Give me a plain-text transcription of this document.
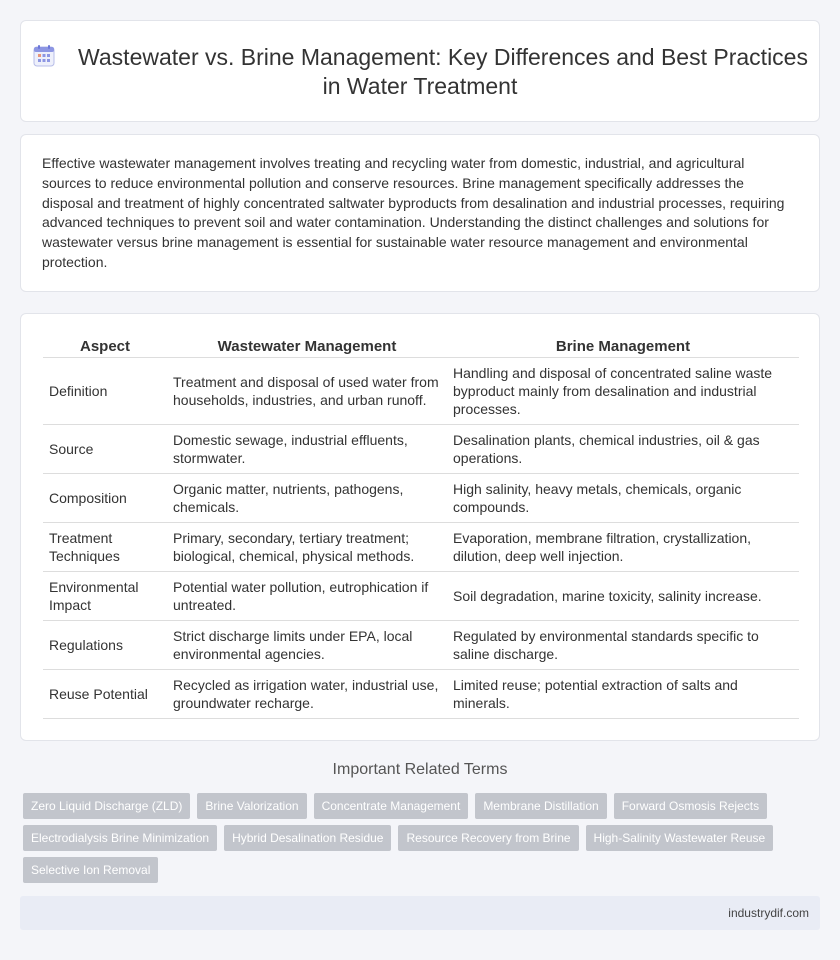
Wastewater vs. Brine Management: Key Differences and Best Practices in Water Treatment

Effective wastewater management involves treating and recycling water from domestic, industrial, and agricultural sources to reduce environmental pollution and conserve resources. Brine management specifically addresses the disposal and treatment of highly concentrated saltwater byproducts from desalination and industrial processes, requiring advanced techniques to prevent soil and water contamination. Understanding the distinct challenges and solutions for wastewater versus brine management is essential for sustainable water resource management and environmental protection.

Aspect	Wastewater Management	Brine Management
Definition	Treatment and disposal of used water from households, industries, and urban runoff.	Handling and disposal of concentrated saline waste byproduct mainly from desalination and industrial processes.
Source	Domestic sewage, industrial effluents, stormwater.	Desalination plants, chemical industries, oil & gas operations.
Composition	Organic matter, nutrients, pathogens, chemicals.	High salinity, heavy metals, chemicals, organic compounds.
Treatment Techniques	Primary, secondary, tertiary treatment; biological, chemical, physical methods.	Evaporation, membrane filtration, crystallization, dilution, deep well injection.
Environmental Impact	Potential water pollution, eutrophication if untreated.	Soil degradation, marine toxicity, salinity increase.
Regulations	Strict discharge limits under EPA, local environmental agencies.	Regulated by environmental standards specific to saline discharge.
Reuse Potential	Recycled as irrigation water, industrial use, groundwater recharge.	Limited reuse; potential extraction of salts and minerals.
Important Related Terms
Zero Liquid Discharge (ZLD)	Brine Valorization	Concentrate Management	Membrane Distillation	Forward Osmosis Rejects
Electrodialysis Brine Minimization	Hybrid Desalination Residue	Resource Recovery from Brine	High-Salinity Wastewater Reuse
Selective Ion Removal
industrydif.com
